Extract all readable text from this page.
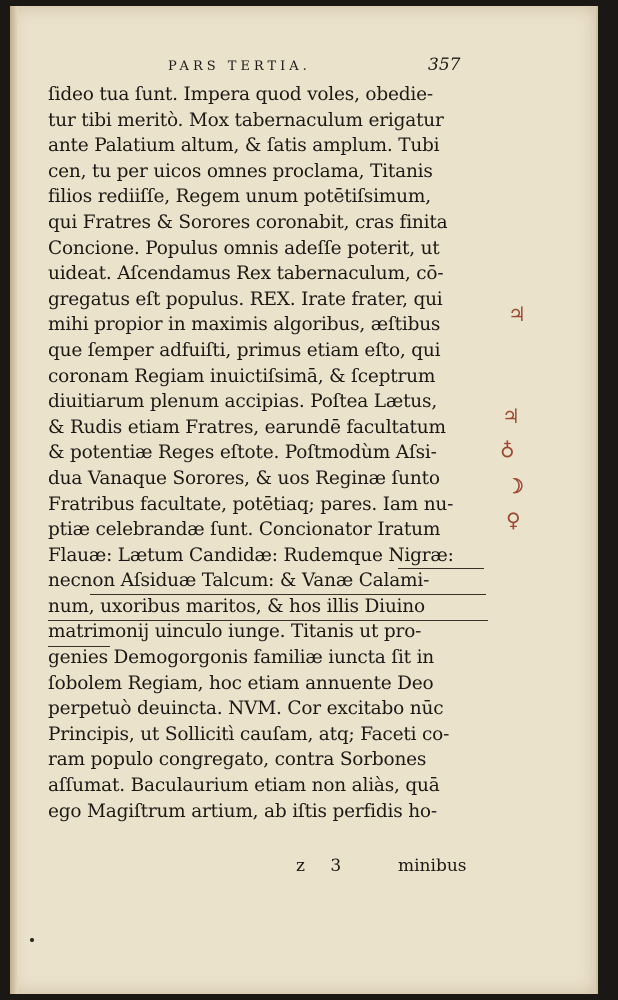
PARS TERTIA.	357
ſideo tua ſunt. Impera quod voles, obedie-
tur tibi meritò. Mox tabernaculum erigatur
ante Palatium altum, & ſatis amplum. Tubi
cen, tu per uicos omnes proclama, Titanis
filios rediiſſe, Regem unum potētiſsimum,
qui Fratres & Sorores coronabit, cras finita
Concione. Populus omnis adeſſe poterit, ut
uideat. Aſcendamus Rex tabernaculum, cō-
gregatus eſt populus. REX. Irate frater, qui
mihi propior in maximis algoribus, æſtibus
que ſemper adfuiſti, primus etiam eſto, qui
coronam Regiam inuictiſsimā, & ſceptrum
diuitiarum plenum accipias. Poſtea Lætus,
& Rudis etiam Fratres, earundē facultatum
& potentiæ Reges eſtote. Poſtmodùm Aſsi-
dua Vanaque Sorores, & uos Reginæ ſunto
Fratribus facultate, potētiaq; pares. Iam nu-
ptiæ celebrandæ ſunt. Concionator Iratum
Flauæ: Lætum Candidæ: Rudemque Nigræ:
necnon Aſsiduæ Talcum: & Vanæ Calami-
num, uxoribus maritos, & hos illis Diuino
matrimonij uinculo iunge. Titanis ut pro-
genies Demogorgonis familiæ iuncta ſit in
ſobolem Regiam, hoc etiam annuente Deo
perpetuò deuincta. NVM. Cor excitabo nūc
Principis, ut Sollicitì cauſam, atq; Faceti co-
ram populo congregato, contra Sorbones
aſſumat. Baculaurium etiam non aliàs, quā
ego Magiſtrum artium, ab iſtis perfidis ho-
♃
♃
♁
☽
♀
z 3	minibus
